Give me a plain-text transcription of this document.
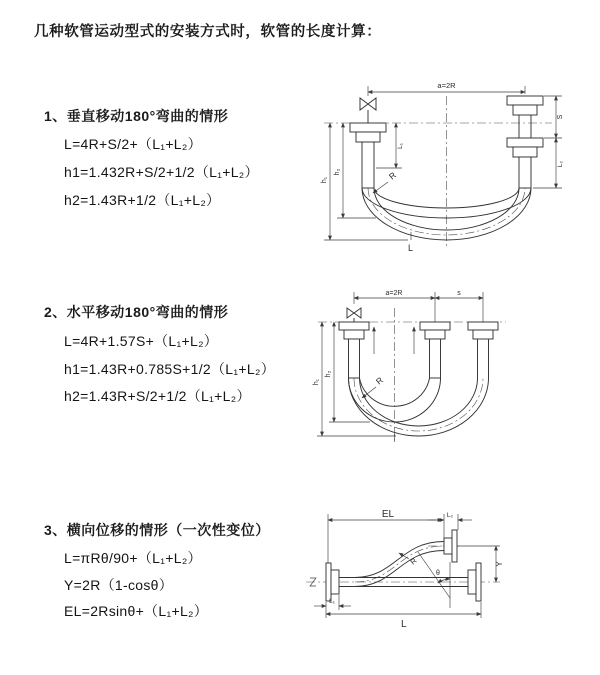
几种软管运动型式的安装方式时，软管的长度计算：
1、垂直移动180°弯曲的情形
L=4R+S/2+（L₁+L₂）
h1=1.432R+S/2+1/2（L₁+L₂）
h2=1.43R+1/2（L₁+L₂）
2、水平移动180°弯曲的情形
L=4R+1.57S+（L₁+L₂）
h1=1.43R+0.785S+1/2（L₁+L₂）
h2=1.43R+S/2+1/2（L₁+L₂）
3、横向位移的情形（一次性变位）
L=πRθ/90+（L₁+L₂）
Y=2R（1-cosθ）
EL=2Rsinθ+（L₁+L₂）
a=2R
h₁
h₂
L₁
S
L₂
R
L
a=2R	s
h₁
h₂
R
EL	L₂
Y
R
θ
L₁
L
